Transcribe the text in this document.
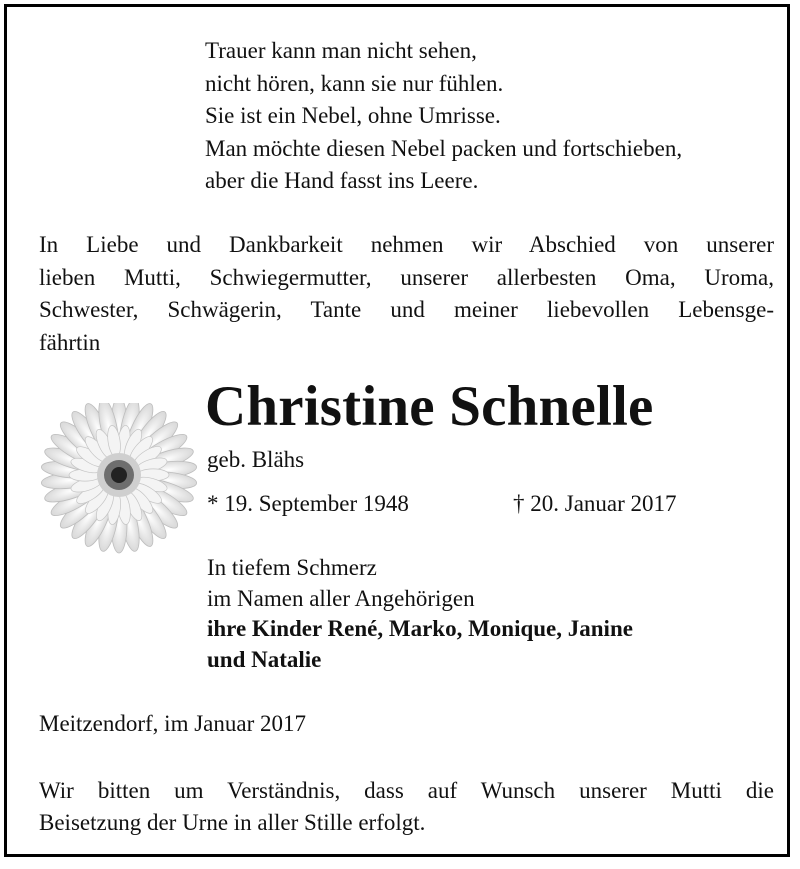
Trauer kann man nicht sehen,
nicht hören, kann sie nur fühlen.
Sie ist ein Nebel, ohne Umrisse.
Man möchte diesen Nebel packen und fortschieben,
aber die Hand fasst ins Leere.
In Liebe und Dankbarkeit nehmen wir Abschied von unserer
lieben Mutti, Schwiegermutter, unserer allerbesten Oma, Uroma,
Schwester, Schwägerin, Tante und meiner liebevollen Lebensge-
fährtin
Christine Schnelle
geb. Blähs
* 19. September 1948	† 20. Januar 2017
In tiefem Schmerz
im Namen aller Angehörigen
ihre Kinder René, Marko, Monique, Janine
und Natalie
Meitzendorf, im Januar 2017
Wir bitten um Verständnis, dass auf Wunsch unserer Mutti die
Beisetzung der Urne in aller Stille erfolgt.
